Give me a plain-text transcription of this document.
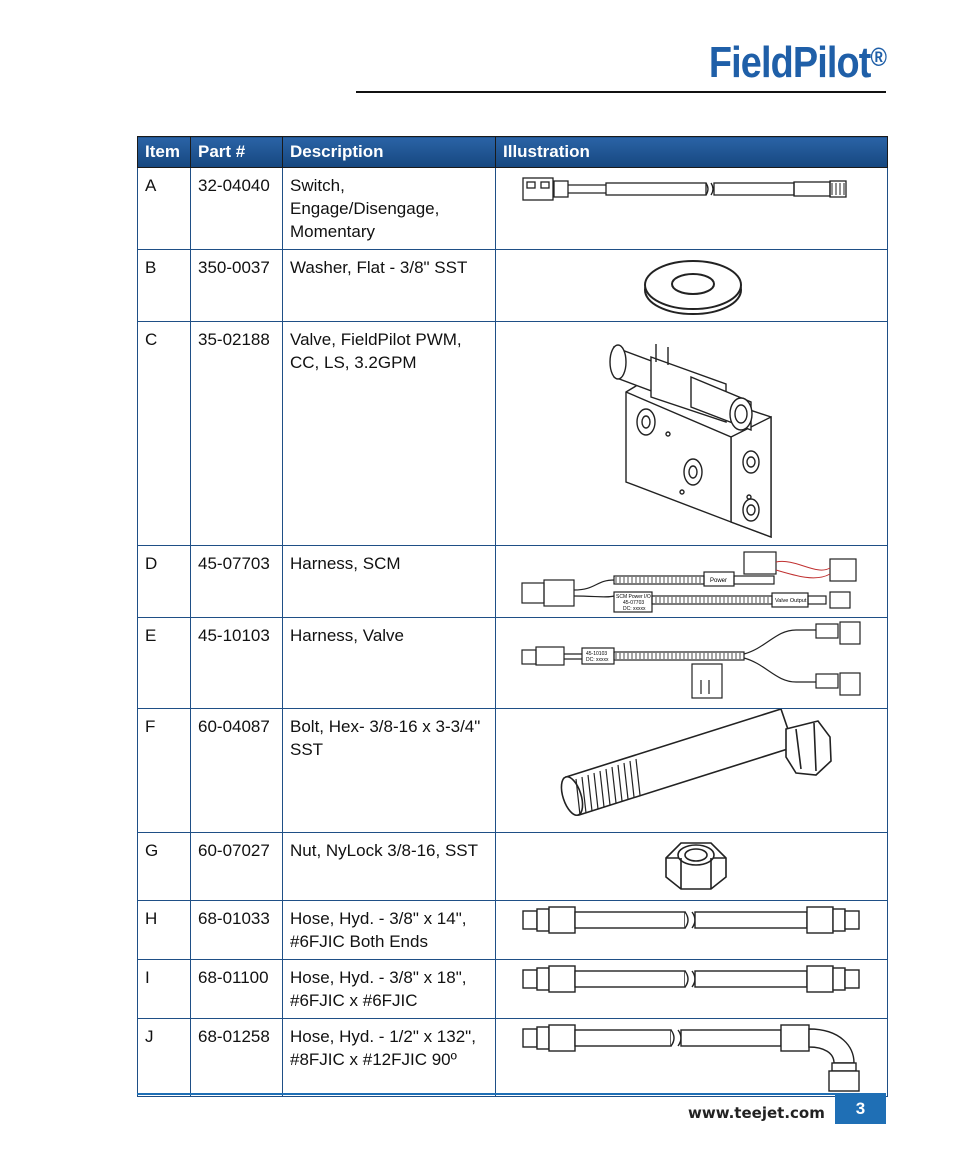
FieldPilot®
Item	Part #	Description	Illustration
A	32-04040	Switch, Engage/Disengage, Momentary	

B	350-0037	Washer, Flat - 3/8" SST	

C	35-02188	Valve, FieldPilot PWM, CC, LS, 3.2GPM	

D	45-07703	Harness, SCM	Power
SCM Power I/O
45-07703
DC: xxxxx
Valve Output

E	45-10103	Harness, Valve	45-10103
DC: xxxxx

F	60-04087	Bolt, Hex- 3/8-16 x 3-3/4" SST	

G	60-07027	Nut, NyLock 3/8-16, SST	

H	68-01033	Hose, Hyd. - 3/8" x 14", #6FJIC Both Ends	

I	68-01100	Hose, Hyd. - 3/8" x 18", #6FJIC x #6FJIC	

J	68-01258	Hose, Hyd. - 1/2" x 132", #8FJIC x #12FJIC 90º	
www.teejet.com	3
